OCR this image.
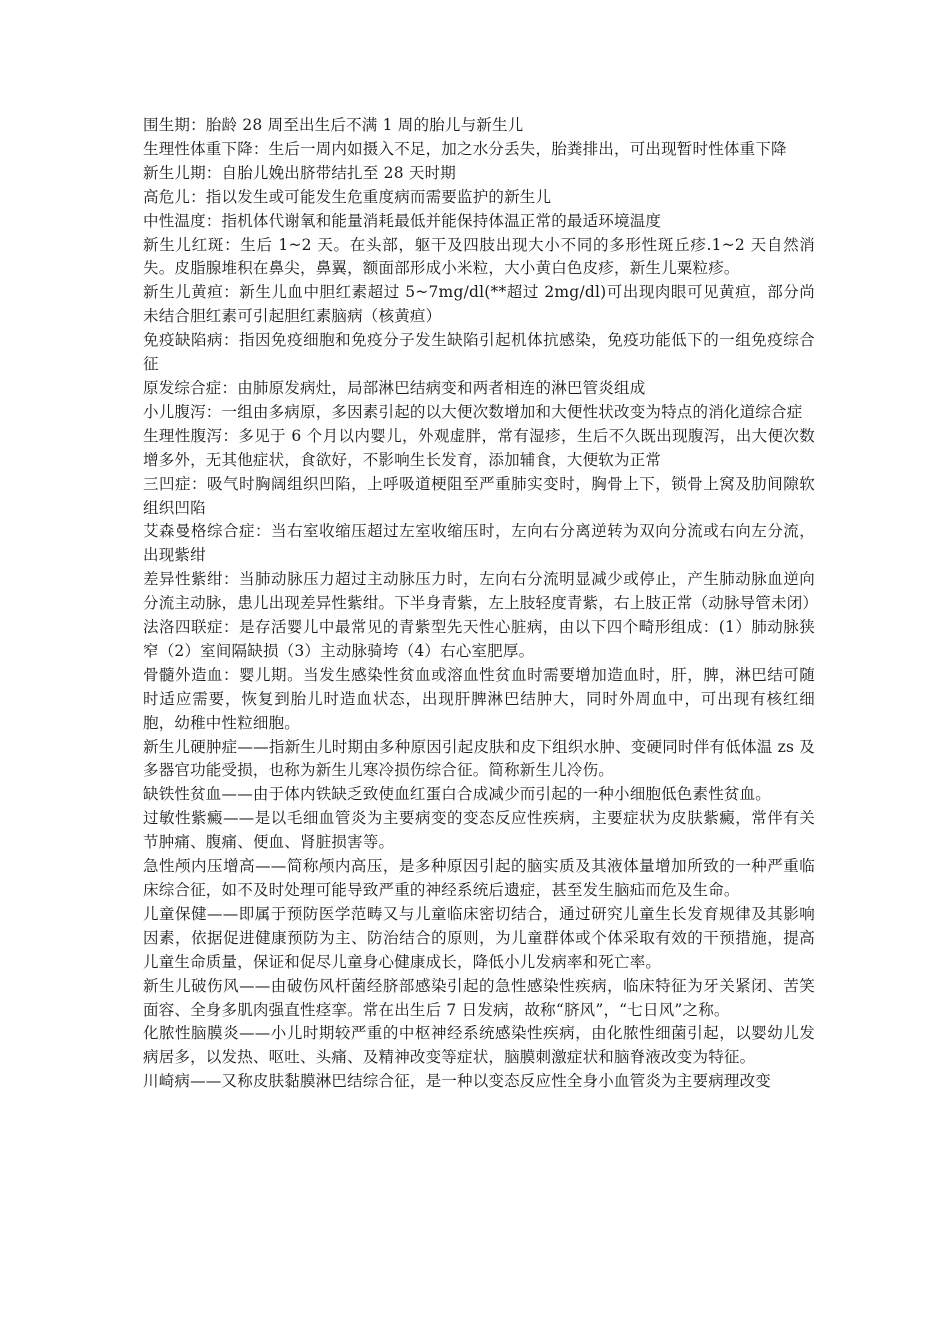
围生期：胎龄 28 周至出生后不满 1 周的胎儿与新生儿

生理性体重下降：生后一周内如摄入不足，加之水分丢失，胎粪排出，可出现暂时性体重下降

新生儿期：自胎儿娩出脐带结扎至 28 天时期

高危儿：指以发生或可能发生危重度病而需要监护的新生儿

中性温度：指机体代谢氧和能量消耗最低并能保持体温正常的最适环境温度

新生儿红斑：生后 1~2 天。在头部，躯干及四肢出现大小不同的多形性斑丘疹.1~2 天自然消失。皮脂腺堆积在鼻尖，鼻翼，额面部形成小米粒，大小黄白色皮疹，新生儿粟粒疹。

新生儿黄疸：新生儿血中胆红素超过 5~7mg/dl(**超过 2mg/dl)可出现肉眼可见黄疸，部分尚未结合胆红素可引起胆红素脑病（核黄疸）

免疫缺陷病：指因免疫细胞和免疫分子发生缺陷引起机体抗感染，免疫功能低下的一组免疫综合征

原发综合症：由肺原发病灶，局部淋巴结病变和两者相连的淋巴管炎组成

小儿腹泻：一组由多病原，多因素引起的以大便次数增加和大便性状改变为特点的消化道综合症

生理性腹泻：多见于 6 个月以内婴儿，外观虚胖，常有湿疹，生后不久既出现腹泻，出大便次数增多外，无其他症状，食欲好，不影响生长发育，添加辅食，大便软为正常

三凹症：吸气时胸阔组织凹陷，上呼吸道梗阻至严重肺实变时，胸骨上下，锁骨上窝及肋间隙软组织凹陷

艾森曼格综合症：当右室收缩压超过左室收缩压时，左向右分离逆转为双向分流或右向左分流，出现紫绀

差异性紫绀：当肺动脉压力超过主动脉压力时，左向右分流明显减少或停止，产生肺动脉血逆向分流主动脉，患儿出现差异性紫绀。下半身青紫，左上肢轻度青紫，右上肢正常（动脉导管未闭）

法洛四联症：是存活婴儿中最常见的青紫型先天性心脏病，由以下四个畸形组成：(1）肺动脉狭窄（2）室间隔缺损（3）主动脉骑垮（4）右心室肥厚。

骨髓外造血：婴儿期。当发生感染性贫血或溶血性贫血时需要增加造血时，肝，脾，淋巴结可随时适应需要，恢复到胎儿时造血状态，出现肝脾淋巴结肿大，同时外周血中，可出现有核红细胞，幼稚中性粒细胞。

新生儿硬肿症——指新生儿时期由多种原因引起皮肤和皮下组织水肿、变硬同时伴有低体温 zs 及多器官功能受损，也称为新生儿寒冷损伤综合征。简称新生儿冷伤。

缺铁性贫血——由于体内铁缺乏致使血红蛋白合成减少而引起的一种小细胞低色素性贫血。

过敏性紫癜——是以毛细血管炎为主要病变的变态反应性疾病，主要症状为皮肤紫癜，常伴有关节肿痛、腹痛、便血、肾脏损害等。

急性颅内压增高——简称颅内高压，是多种原因引起的脑实质及其液体量增加所致的一种严重临床综合征，如不及时处理可能导致严重的神经系统后遗症，甚至发生脑疝而危及生命。

儿童保健——即属于预防医学范畴又与儿童临床密切结合，通过研究儿童生长发育规律及其影响因素，依据促进健康预防为主、防治结合的原则，为儿童群体或个体采取有效的干预措施，提高儿童生命质量，保证和促尽儿童身心健康成长，降低小儿发病率和死亡率。

新生儿破伤风——由破伤风杆菌经脐部感染引起的急性感染性疾病，临床特征为牙关紧闭、苦笑面容、全身多肌肉强直性痉挛。常在出生后 7 日发病，故称“脐风”，“七日风”之称。

化脓性脑膜炎——小儿时期较严重的中枢神经系统感染性疾病，由化脓性细菌引起，以婴幼儿发病居多，以发热、呕吐、头痛、及精神改变等症状，脑膜刺激症状和脑脊液改变为特征。

川崎病——又称皮肤黏膜淋巴结综合征，是一种以变态反应性全身小血管炎为主要病理改变
